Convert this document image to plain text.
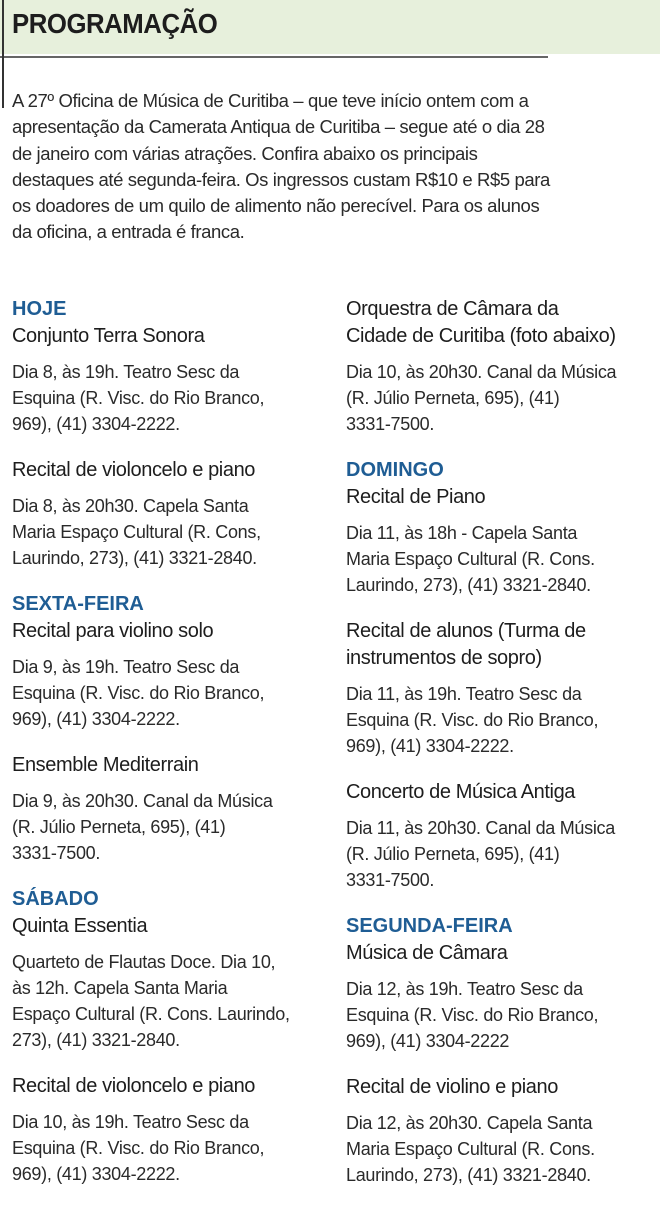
PROGRAMAÇÃO
A 27º Oficina de Música de Curitiba – que teve início ontem com a
apresentação da Camerata Antiqua de Curitiba – segue até o dia 28
de janeiro com várias atrações. Confira abaixo os principais
destaques até segunda-feira. Os ingressos custam R$10 e R$5 para
os doadores de um quilo de alimento não perecível. Para os alunos
da oficina, a entrada é franca.
HOJE
Conjunto Terra Sonora
Dia 8, às 19h. Teatro Sesc da
Esquina (R. Visc. do Rio Branco,
969), (41) 3304-2222.
Recital de violoncelo e piano
Dia 8, às 20h30. Capela Santa
Maria Espaço Cultural (R. Cons,
Laurindo, 273), (41) 3321-2840.
SEXTA-FEIRA
Recital para violino solo
Dia 9, às 19h. Teatro Sesc da
Esquina (R. Visc. do Rio Branco,
969), (41) 3304-2222.
Ensemble Mediterrain
Dia 9, às 20h30. Canal da Música
(R. Júlio Perneta, 695), (41)
3331-7500.
SÁBADO
Quinta Essentia
Quarteto de Flautas Doce. Dia 10,
às 12h. Capela Santa Maria
Espaço Cultural (R. Cons. Laurindo,
273), (41) 3321-2840.
Recital de violoncelo e piano
Dia 10, às 19h. Teatro Sesc da
Esquina (R. Visc. do Rio Branco,
969), (41) 3304-2222.
Orquestra de Câmara da
Cidade de Curitiba (foto abaixo)
Dia 10, às 20h30. Canal da Música
(R. Júlio Perneta, 695), (41)
3331-7500.
DOMINGO
Recital de Piano
Dia 11, às 18h - Capela Santa
Maria Espaço Cultural (R. Cons.
Laurindo, 273), (41) 3321-2840.
Recital de alunos (Turma de
instrumentos de sopro)
Dia 11, às 19h. Teatro Sesc da
Esquina (R. Visc. do Rio Branco,
969), (41) 3304-2222.
Concerto de Música Antiga
Dia 11, às 20h30. Canal da Música
(R. Júlio Perneta, 695), (41)
3331-7500.
SEGUNDA-FEIRA
Música de Câmara
Dia 12, às 19h. Teatro Sesc da
Esquina (R. Visc. do Rio Branco,
969), (41) 3304-2222
Recital de violino e piano
Dia 12, às 20h30. Capela Santa
Maria Espaço Cultural (R. Cons.
Laurindo, 273), (41) 3321-2840.
